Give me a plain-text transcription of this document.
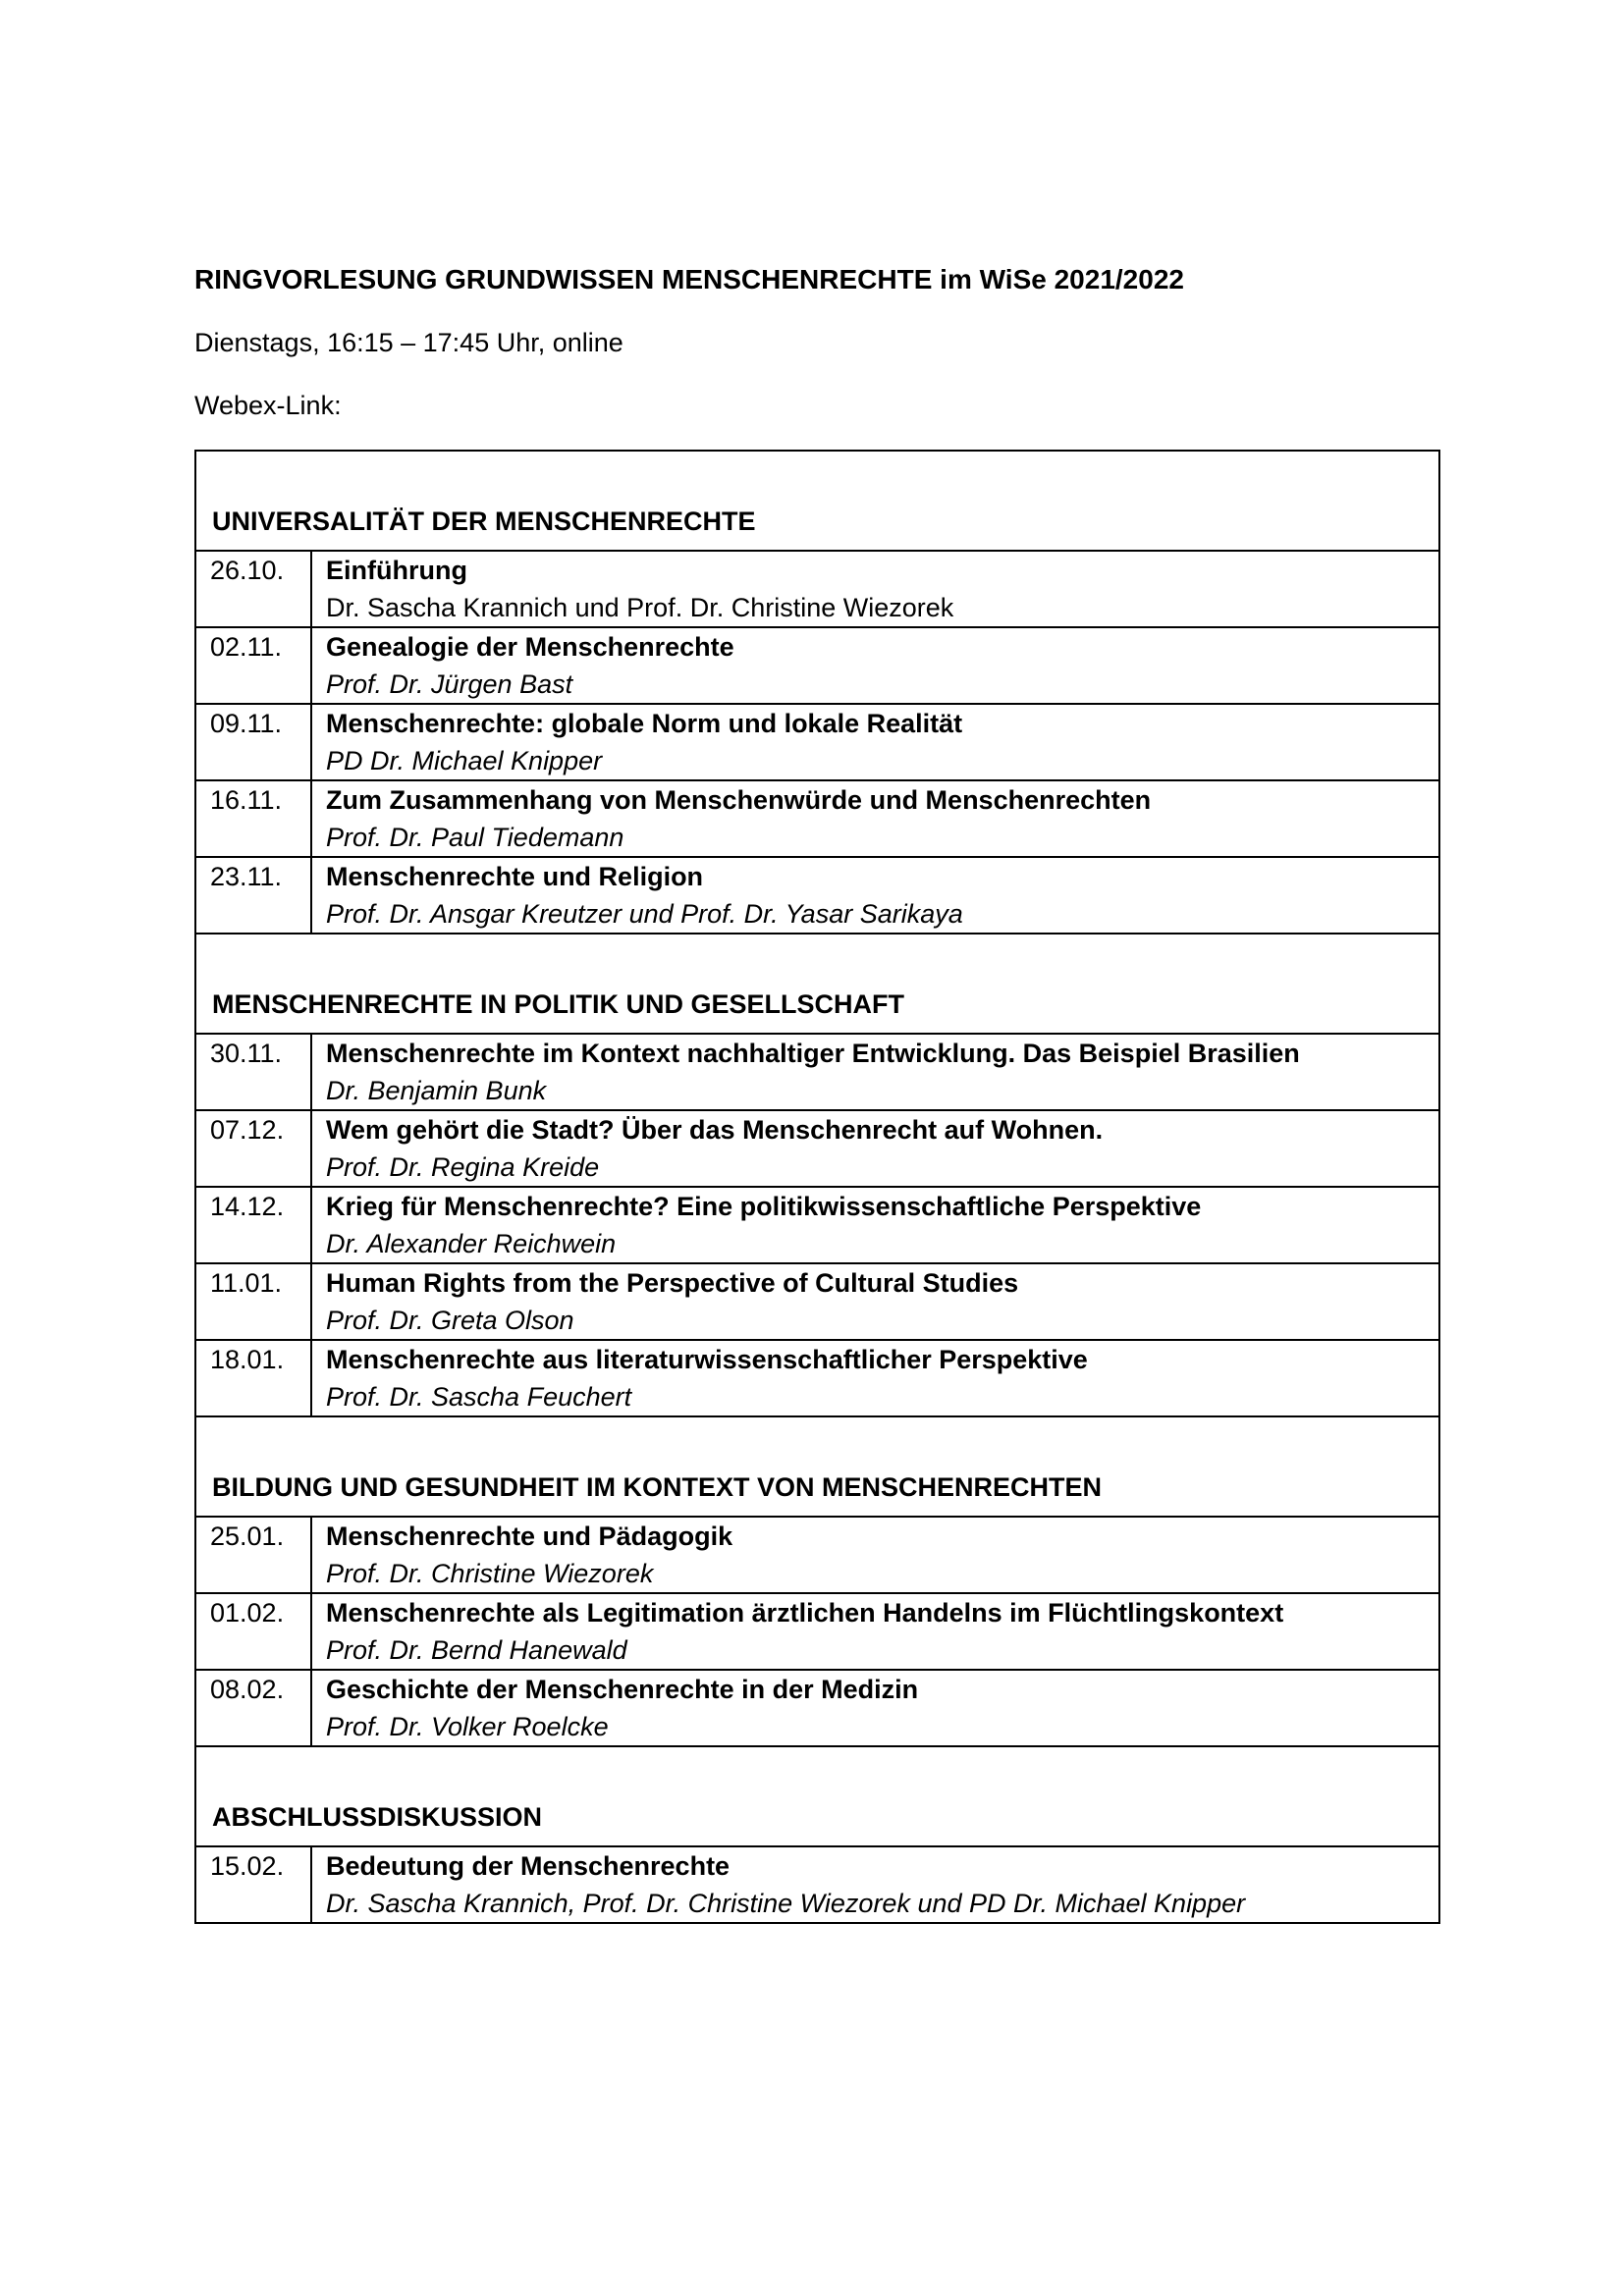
RINGVORLESUNG GRUNDWISSEN MENSCHENRECHTE im WiSe 2021/2022
Dienstags, 16:15 – 17:45 Uhr, online
Webex-Link:
UNIVERSALITÄT DER MENSCHENRECHTE	
26.10.	Einführung
Dr. Sascha Krannich und Prof. Dr. Christine Wiezorek

02.11.	Genealogie der Menschenrechte
Prof. Dr. Jürgen Bast

09.11.	Menschenrechte: globale Norm und lokale Realität
PD Dr. Michael Knipper

16.11.	Zum Zusammenhang von Menschenwürde und Menschenrechten
Prof. Dr. Paul Tiedemann

23.11.	Menschenrechte und Religion
Prof. Dr. Ansgar Kreutzer und Prof. Dr. Yasar Sarikaya

MENSCHENRECHTE IN POLITIK UND GESELLSCHAFT	
30.11.	Menschenrechte im Kontext nachhaltiger Entwicklung. Das Beispiel Brasilien
Dr. Benjamin Bunk

07.12.	Wem gehört die Stadt? Über das Menschenrecht auf Wohnen.
Prof. Dr. Regina Kreide

14.12.	Krieg für Menschenrechte? Eine politikwissenschaftliche Perspektive
Dr. Alexander Reichwein

11.01.	Human Rights from the Perspective of Cultural Studies
Prof. Dr. Greta Olson

18.01.	Menschenrechte aus literaturwissenschaftlicher Perspektive
Prof. Dr. Sascha Feuchert

BILDUNG UND GESUNDHEIT IM KONTEXT VON MENSCHENRECHTEN	
25.01.	Menschenrechte und Pädagogik
Prof. Dr. Christine Wiezorek

01.02.	Menschenrechte als Legitimation ärztlichen Handelns im Flüchtlingskontext
Prof. Dr. Bernd Hanewald

08.02.	Geschichte der Menschenrechte in der Medizin
Prof. Dr. Volker Roelcke

ABSCHLUSSDISKUSSION	
15.02.	Bedeutung der Menschenrechte
Dr. Sascha Krannich, Prof. Dr. Christine Wiezorek und PD Dr. Michael Knipper
